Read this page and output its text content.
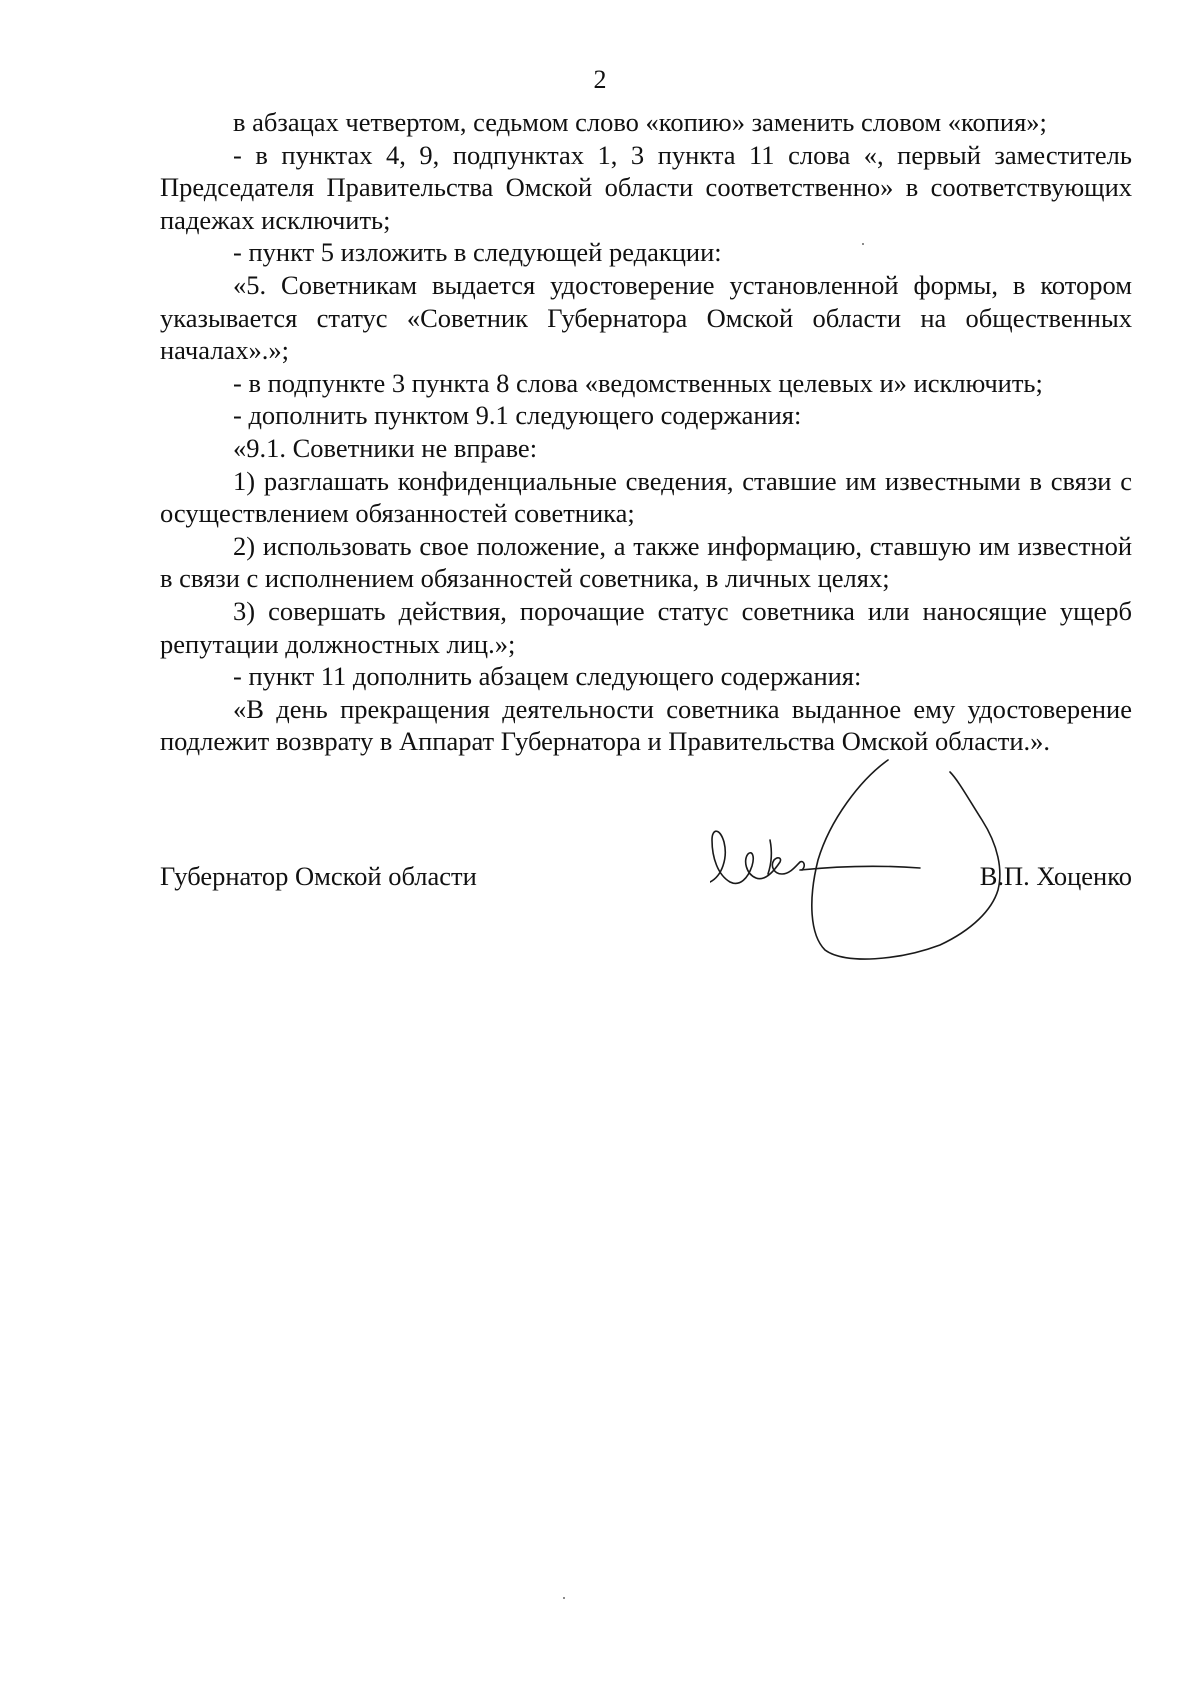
2

в абзацах четвертом, седьмом слово «копию» заменить словом «копия»;

- в пунктах 4, 9, подпунктах 1, 3 пункта 11 слова «, первый заместитель Председателя Правительства Омской области соответственно» в соответствующих падежах исключить;

- пункт 5 изложить в следующей редакции:

«5. Советникам выдается удостоверение установленной формы, в котором указывается статус «Советник Губернатора Омской области на общественных началах».»;

- в подпункте 3 пункта 8 слова «ведомственных целевых и» исключить;

- дополнить пунктом 9.1 следующего содержания:

«9.1. Советники не вправе:

1) разглашать конфиденциальные сведения, ставшие им известными в связи с осуществлением обязанностей советника;

2) использовать свое положение, а также информацию, ставшую им известной в связи с исполнением обязанностей советника, в личных целях;

3) совершать действия, порочащие статус советника или наносящие ущерб репутации должностных лиц.»;

- пункт 11 дополнить абзацем следующего содержания:

«В день прекращения деятельности советника выданное ему удостоверение подлежит возврату в Аппарат Губернатора и Правительства Омской области.».

Губернатор Омской области	В.П. Хоценко
